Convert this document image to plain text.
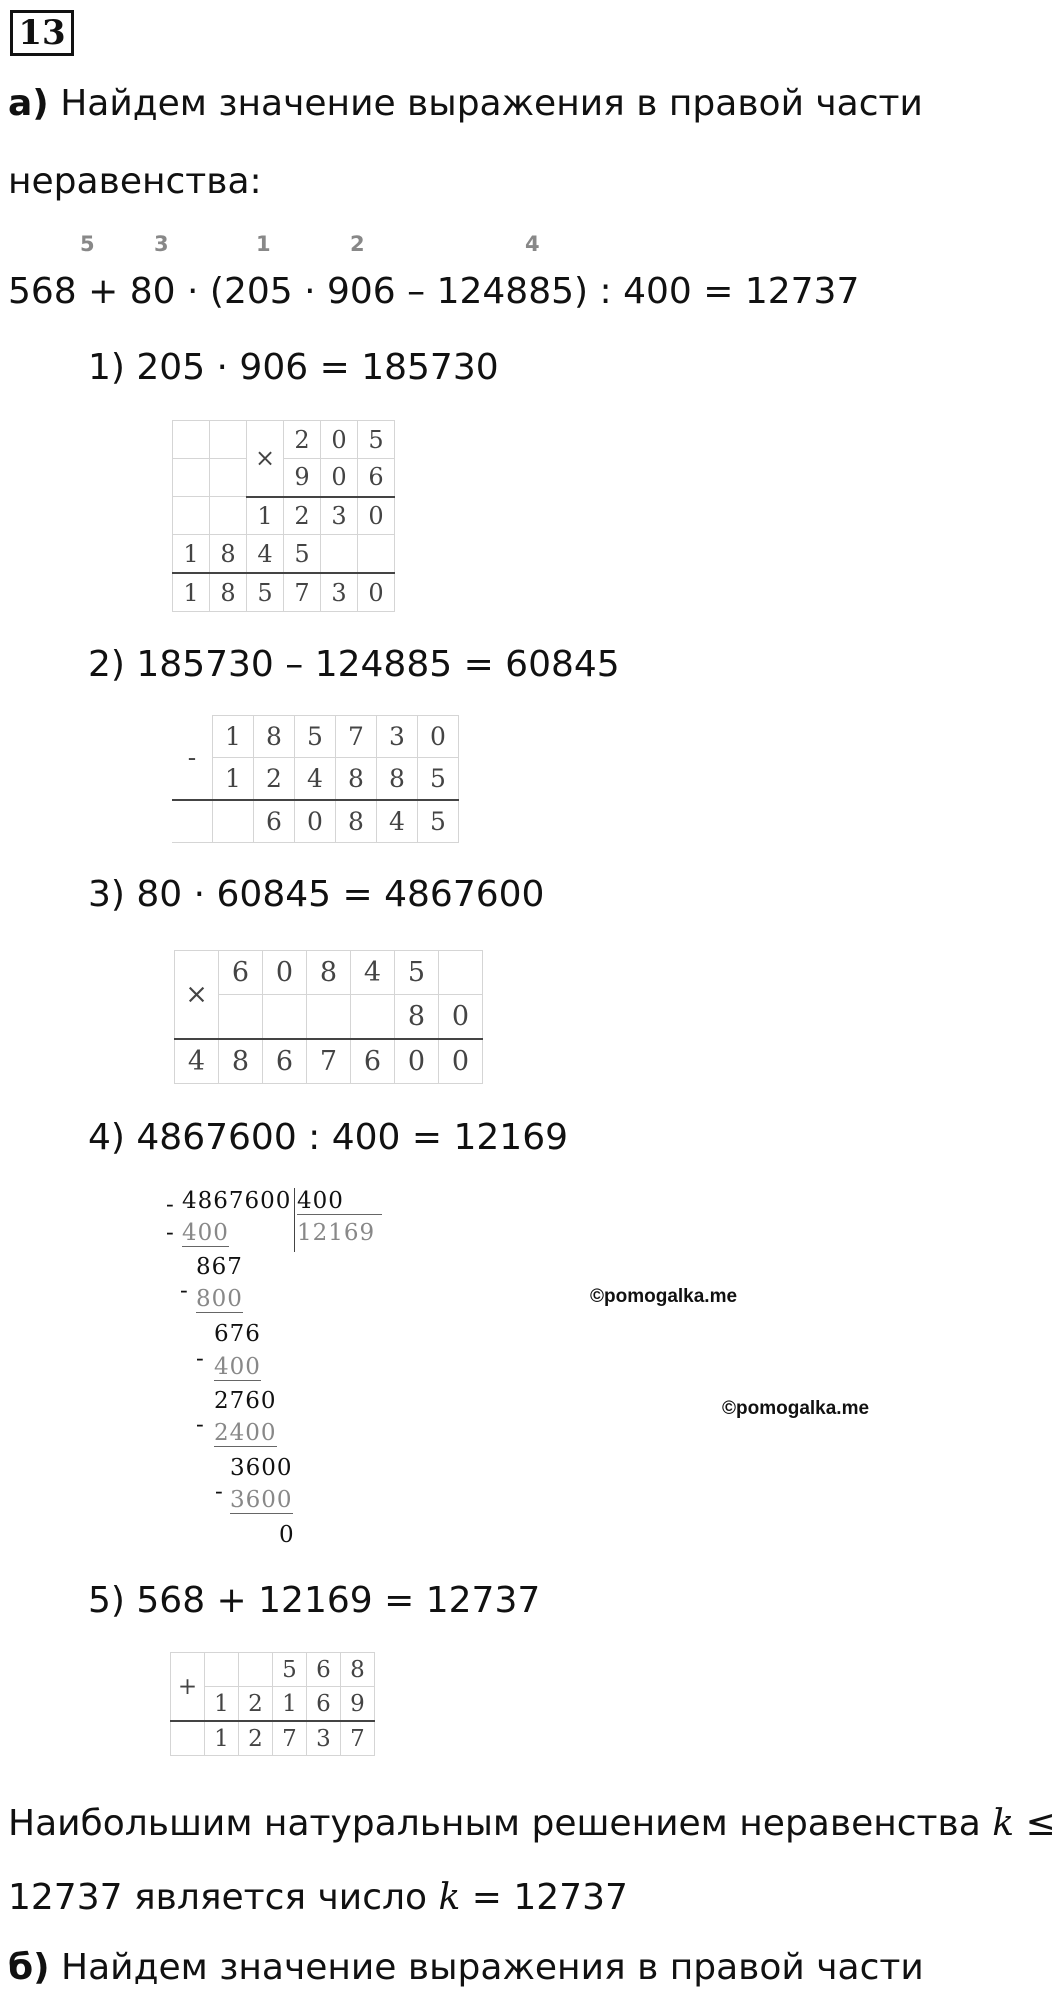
13
а) Найдем значение выражения в правой части
неравенства:
5	3	1	2	4
568 + 80 · (205 · 906 – 124885) : 400 = 12737
1) 205 · 906 = 185730
		×	2	0	5
			9	0	6
		1	2	3	0
1	8	4	5		
1	8	5	7	3	0
2) 185730 – 124885 = 60845
-	1	8	5	7	3	0
	1	2	4	8	8	5
		6	0	8	4	5
3) 80 · 60845 = 4867600
×	6	0	8	4	5	
					8	0
4	8	6	7	6	0	0
4) 4867600 : 400 = 12169
- 4867600 400
12169
- 400
867
- 800
676
- 400
2760
- 2400
3600
- 3600
0
©pomogalka.me
©pomogalka.me
5) 568 + 12169 = 12737
+			5	6	8
	1	2	1	6	9
	1	2	7	3	7
Наибольшим натуральным решением неравенства k ≤
12737 является число k = 12737
б) Найдем значение выражения в правой части
